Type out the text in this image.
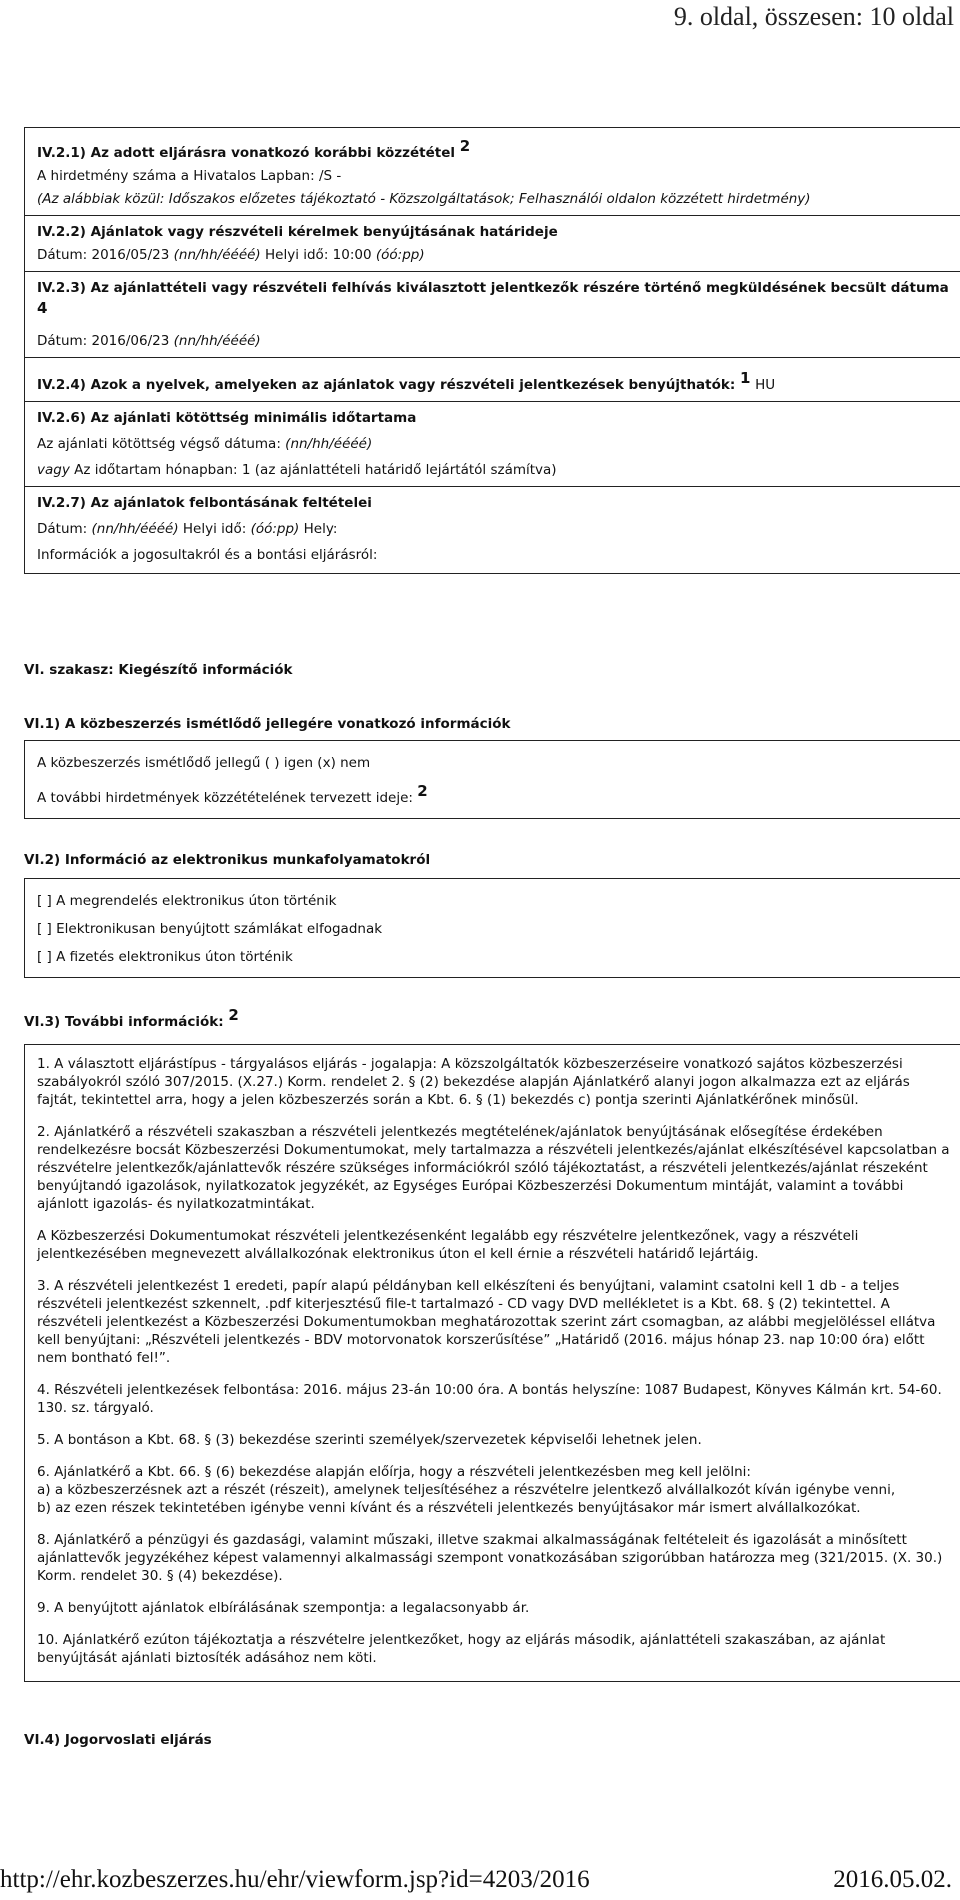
9. oldal, összesen: 10 oldal
IV.2.1) Az adott eljárásra vonatkozó korábbi közzététel $^2$
A hirdetmény száma a Hivatalos Lapban: /S -
(Az alábbiak közül: Időszakos előzetes tájékoztató - Közszolgáltatások; Felhasználói oldalon közzétett hirdetmény)
IV.2.2) Ajánlatok vagy részvételi kérelmek benyújtásának határideje
Dátum: 2016/05/23 (nn/hh/éééé) Helyi idő: 10:00 (óó:pp)
IV.2.3) Az ajánlattételi vagy részvételi felhívás kiválasztott jelentkezők részére történő megküldésének becsült dátuma $^4$
Dátum: 2016/06/23 (nn/hh/éééé)
IV.2.4) Azok a nyelvek, amelyeken az ajánlatok vagy részvételi jelentkezések benyújthatók: $^1$ HU
IV.2.6) Az ajánlati kötöttség minimális időtartama
Az ajánlati kötöttség végső dátuma: (nn/hh/éééé)
vagy Az időtartam hónapban: 1 (az ajánlattételi határidő lejártától számítva)
IV.2.7) Az ajánlatok felbontásának feltételei
Dátum: (nn/hh/éééé) Helyi idő: (óó:pp) Hely:
Információk a jogosultakról és a bontási eljárásról:
VI. szakasz: Kiegészítő információk
VI.1) A közbeszerzés ismétlődő jellegére vonatkozó információk
A közbeszerzés ismétlődő jellegű ( ) igen (x) nem
A további hirdetmények közzétételének tervezett ideje: $^2$
VI.2) Információ az elektronikus munkafolyamatokról
[ ] A megrendelés elektronikus úton történik
[ ] Elektronikusan benyújtott számlákat elfogadnak
[ ] A fizetés elektronikus úton történik
VI.3) További információk: $^2$
1. A választott eljárástípus - tárgyalásos eljárás - jogalapja: A közszolgáltatók közbeszerzéseire vonatkozó sajátos közbeszerzési szabályokról szóló 307/2015. (X.27.) Korm. rendelet 2. § (2) bekezdése alapján Ajánlatkérő alanyi jogon alkalmazza ezt az eljárás fajtát, tekintettel arra, hogy a jelen közbeszerzés során a Kbt. 6. § (1) bekezdés c) pontja szerinti Ajánlatkérőnek minősül.
2. Ajánlatkérő a részvételi szakaszban a részvételi jelentkezés megtételének/ajánlatok benyújtásának elősegítése érdekében rendelkezésre bocsát Közbeszerzési Dokumentumokat, mely tartalmazza a részvételi jelentkezés/ajánlat elkészítésével kapcsolatban a részvételre jelentkezők/ajánlattevők részére szükséges információkról szóló tájékoztatást, a részvételi jelentkezés/ajánlat részeként benyújtandó igazolások, nyilatkozatok jegyzékét, az Egységes Európai Közbeszerzési Dokumentum mintáját, valamint a további ajánlott igazolás- és nyilatkozatmintákat.
A Közbeszerzési Dokumentumokat részvételi jelentkezésenként legalább egy részvételre jelentkezőnek, vagy a részvételi jelentkezésében megnevezett alvállalkozónak elektronikus úton el kell érnie a részvételi határidő lejártáig.
3. A részvételi jelentkezést 1 eredeti, papír alapú példányban kell elkészíteni és benyújtani, valamint csatolni kell 1 db - a teljes részvételi jelentkezést szkennelt, .pdf kiterjesztésű file-t tartalmazó - CD vagy DVD mellékletet is a Kbt. 68. § (2) tekintettel. A részvételi jelentkezést a Közbeszerzési Dokumentumokban meghatározottak szerint zárt csomagban, az alábbi megjelöléssel ellátva kell benyújtani: „Részvételi jelentkezés - BDV motorvonatok korszerűsítése” „Határidő (2016. május hónap 23. nap 10:00 óra) előtt nem bontható fel!”.
4. Részvételi jelentkezések felbontása: 2016. május 23-án 10:00 óra. A bontás helyszíne: 1087 Budapest, Könyves Kálmán krt. 54-60. 130. sz. tárgyaló.
5. A bontáson a Kbt. 68. § (3) bekezdése szerinti személyek/szervezetek képviselői lehetnek jelen.
6. Ajánlatkérő a Kbt. 66. § (6) bekezdése alapján előírja, hogy a részvételi jelentkezésben meg kell jelölni:
a) a közbeszerzésnek azt a részét (részeit), amelynek teljesítéséhez a részvételre jelentkező alvállalkozót kíván igénybe venni,
b) az ezen részek tekintetében igénybe venni kívánt és a részvételi jelentkezés benyújtásakor már ismert alvállalkozókat.
8. Ajánlatkérő a pénzügyi és gazdasági, valamint műszaki, illetve szakmai alkalmasságának feltételeit és igazolását a minősített ajánlattevők jegyzékéhez képest valamennyi alkalmassági szempont vonatkozásában szigorúbban határozza meg (321/2015. (X. 30.) Korm. rendelet 30. § (4) bekezdése).
9. A benyújtott ajánlatok elbírálásának szempontja: a legalacsonyabb ár.
10. Ajánlatkérő ezúton tájékoztatja a részvételre jelentkezőket, hogy az eljárás második, ajánlattételi szakaszában, az ajánlat benyújtását ajánlati biztosíték adásához nem köti.
VI.4) Jogorvoslati eljárás
http://ehr.kozbeszerzes.hu/ehr/viewform.jsp?id=4203/2016	2016.05.02.
